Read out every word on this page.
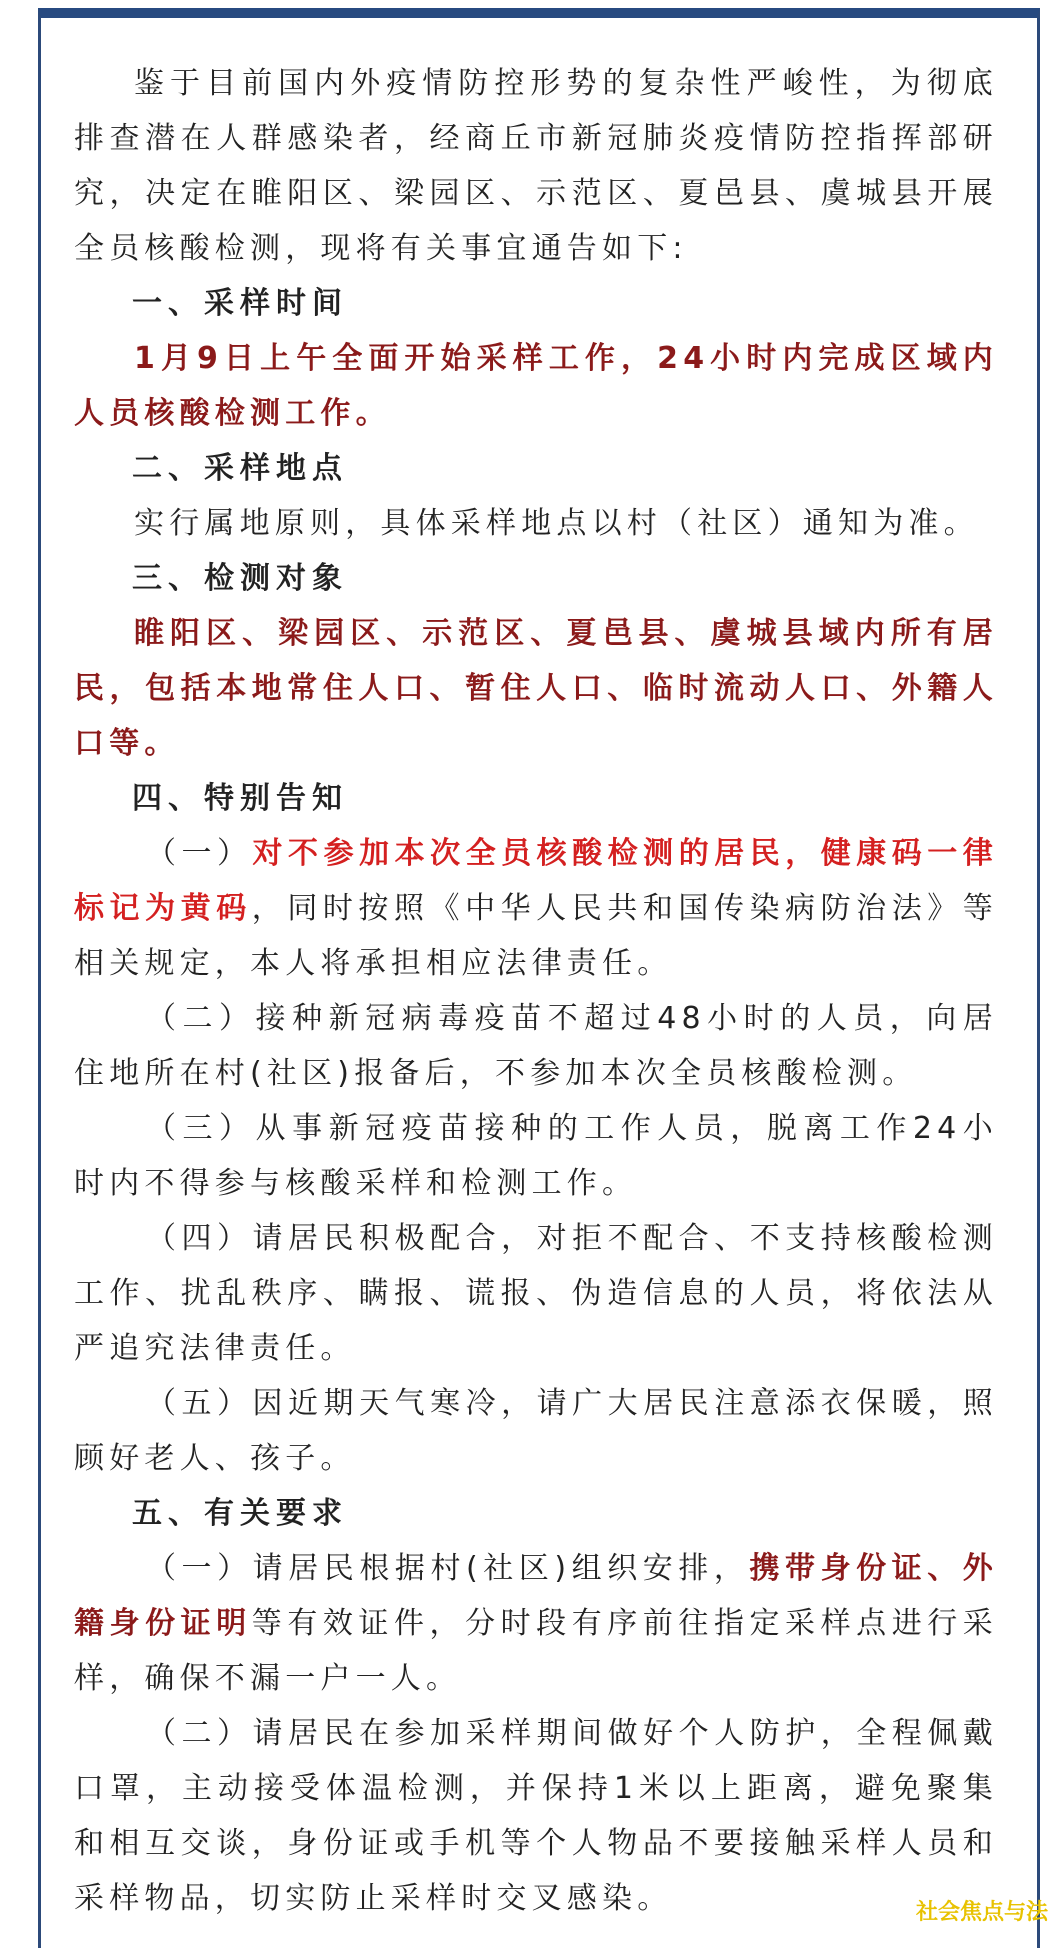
鉴于目前国内外疫情防控形势的复杂性严峻性，为彻底排查潜在人群感染者，经商丘市新冠肺炎疫情防控指挥部研究，决定在睢阳区、梁园区、示范区、夏邑县、虞城县开展全员核酸检测，现将有关事宜通告如下:

一、采样时间

1月9日上午全面开始采样工作，24小时内完成区域内人员核酸检测工作。

二、采样地点

实行属地原则，具体采样地点以村（社区）通知为准。

三、检测对象

睢阳区、梁园区、示范区、夏邑县、虞城县域内所有居民，包括本地常住人口、暂住人口、临时流动人口、外籍人口等。

四、特别告知

（一）对不参加本次全员核酸检测的居民，健康码一律标记为黄码，同时按照《中华人民共和国传染病防治法》等相关规定，本人将承担相应法律责任。

（二）接种新冠病毒疫苗不超过48小时的人员，向居住地所在村(社区)报备后，不参加本次全员核酸检测。

（三）从事新冠疫苗接种的工作人员，脱离工作24小时内不得参与核酸采样和检测工作。

（四）请居民积极配合，对拒不配合、不支持核酸检测工作、扰乱秩序、瞒报、谎报、伪造信息的人员，将依法从严追究法律责任。

（五）因近期天气寒冷，请广大居民注意添衣保暖，照顾好老人、孩子。

五、有关要求

（一）请居民根据村(社区)组织安排，携带身份证、外籍身份证明等有效证件，分时段有序前往指定采样点进行采样，确保不漏一户一人。

（二）请居民在参加采样期间做好个人防护，全程佩戴口罩，主动接受体温检测，并保持1米以上距离，避免聚集和相互交谈，身份证或手机等个人物品不要接触采样人员和采样物品，切实防止采样时交叉感染。	社会焦点与法
